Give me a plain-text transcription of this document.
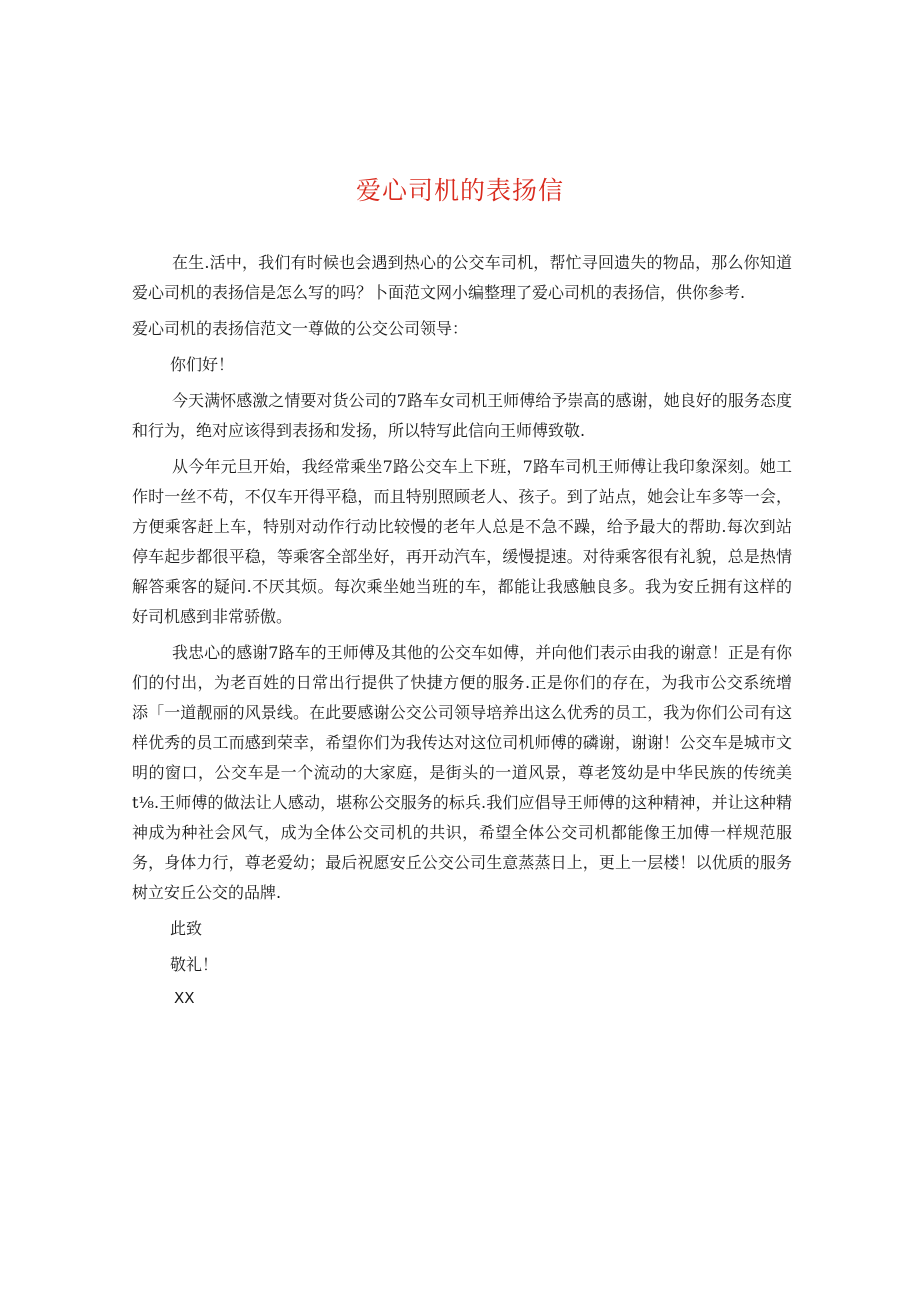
爱心司机的表扬信

在生.活中，我们有时候也会遇到热心的公交车司机，帮忙寻回遗失的物品，那么你知道爱心司机的表扬信是怎么写的吗？卜面范文网小编整理了爱心司机的表扬信，供你参考.

爱心司机的表扬信范文一尊做的公交公司领导：

你们好！

今天满怀感激之情要对货公司的7路车女司机王师傅给予崇高的感谢，她良好的服务态度和行为，绝对应该得到表扬和发扬，所以特写此信向王师傅致敬.

从今年元旦开始，我经常乘坐7路公交车上下班，7路车司机王师傅让我印象深刻。她工作时一丝不苟，不仅车开得平稳，而且特别照顾老人、孩子。到了站点，她会让车多等一会，方便乘客赶上车，特别对动作行动比较慢的老年人总是不急不躁，给予最大的帮助.每次到站停车起步都很平稳，等乘客全部坐好，再开动汽车，缓慢提速。对待乘客很有礼貌，总是热情解答乘客的疑问.不厌其烦。每次乘坐她当班的车，都能让我感触良多。我为安丘拥有这样的好司机感到非常骄傲。

我忠心的感谢7路车的王师傅及其他的公交车如傅，并向他们表示由我的谢意！正是有你们的付出，为老百姓的日常出行提供了快捷方便的服务.正是你们的存在，为我市公交系统增添「一道靓丽的风景线。在此要感谢公交公司领导培养出这么优秀的员工，我为你们公司有这样优秀的员工而感到荣幸，希望你们为我传达对这位司机师傅的磷谢，谢谢！公交车是城市文明的窗口，公交车是一个流动的大家庭，是街头的一道风景，尊老笈幼是中华民族的传统美t⅛.王师傅的做法让人感动，堪称公交服务的标兵.我们应倡导王师傅的这种精神，并让这种精神成为种社会风气，成为全体公交司机的共识，希望全体公交司机都能像王加傅一样规范服务，身体力行，尊老爱幼；最后祝愿安丘公交公司生意蒸蒸日上，更上一层楼！以优质的服务树立安丘公交的品牌.

此致

敬礼！

XX
